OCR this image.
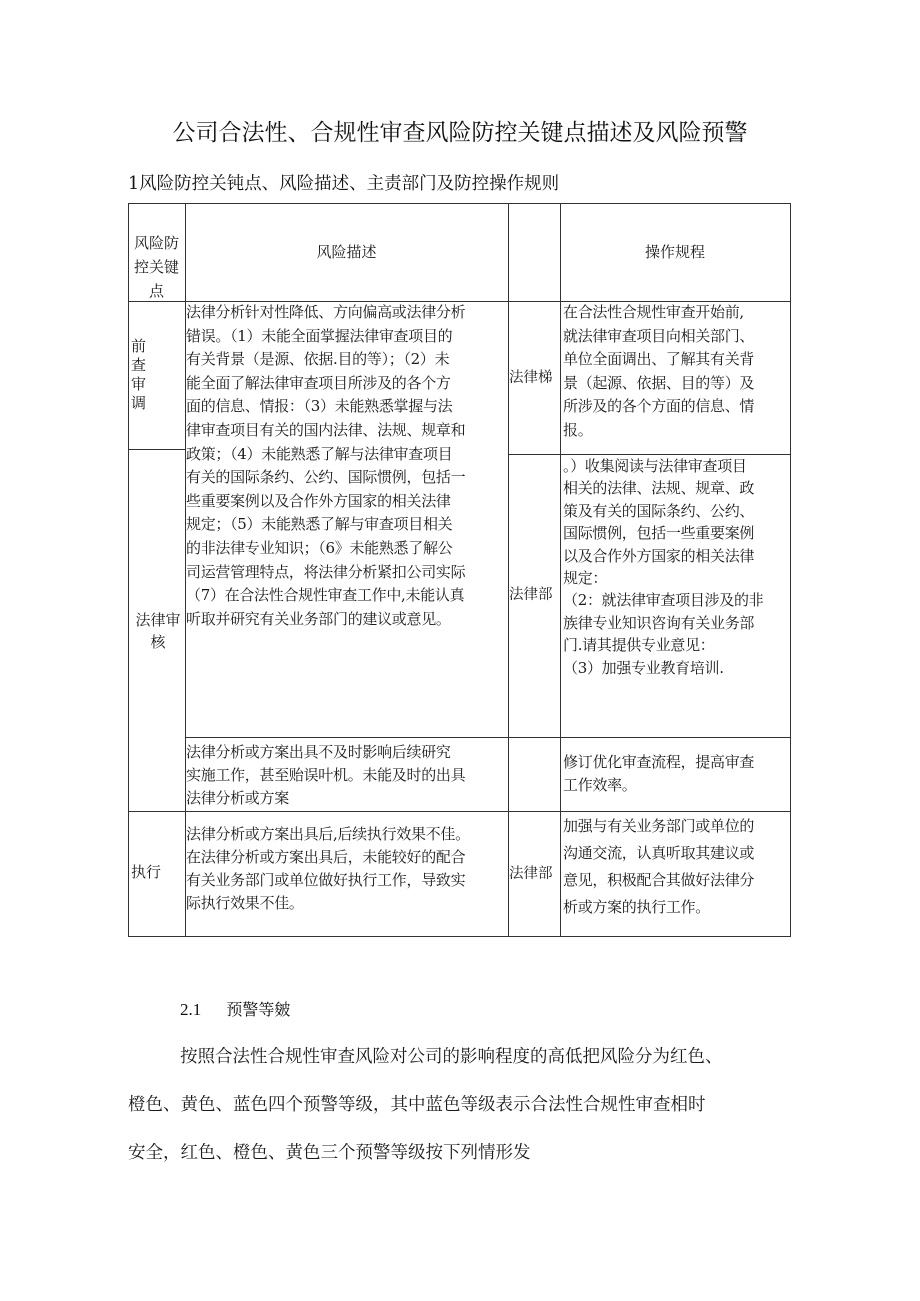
公司合法性、合规性审查风险防控关键点描述及风险预警
1风险防控关钝点、风险描述、主责部门及防控操作规则
风险防
控关键
点
风险描述	操作规程
前
查
审
调
法律审
核
执行
法律分析针对性降低、方向偏高或法律分析
错误。（1）未能全面掌握法律审查项目的
有关背景（是源、依据.目的等）；（2）未
能全面了解法律审查项目所涉及的各个方
面的信息、情报：（3）未能熟悉掌握与法
律审查项目有关的国内法律、法规、规章和
政策；（4）未能熟悉了解与法律审查项目
有关的国际条约、公约、国际惯例，包括一
些重要案例以及合作外方国家的相关法律
规定；（5）未能熟悉了解与审查项目相关
的非法律专业知识；（6》未能熟悉了解公
司运营管理特点，将法律分析紧扣公司实际
（7）在合法性合规性审查工作中,未能认真
听取并研究有关业务部门的建议或意见。
法律分析或方案出具不及时影响后续研究
实施工作，甚至贻误叶机。未能及时的出具
法律分析或方案
法律分析或方案出具后,后续执行效果不佳。
在法律分析或方案出具后，未能较好的配合
有关业务部门或单位做好执行工作，导致实
际执行效果不佳。
法律梯
法律部
法律部
在合法性合规性审查开始前,
就法律审查项目向相关部门、
单位全面调出、了解其有关背
景（起源、依据、目的等）及
所涉及的各个方面的信息、情
报。
。）收集阅读与法律审查项目
相关的法律、法规、规章、政
策及有关的国际条约、公约、
国际惯例，包括一些重要案例
以及合作外方国家的相关法律
规定：
（2：就法律审查项目涉及的非
族律专业知识咨询有关业务部
门.请其提供专业意见：
（3）加强专业教育培训.
修订优化审查流程，提高审查
工作效率。
加强与有关业务部门或单位的
沟通交流，认真听取其建议或
意见，积极配合其做好法律分
析或方案的执行工作。
2.1 预警等皴
按照合法性合规性审查风险对公司的影响程度的高低把风险分为红色、
橙色、黄色、蓝色四个预警等级，其中蓝色等级表示合法性合规性审查相时
安全，红色、橙色、黄色三个预警等级按下列情形发
